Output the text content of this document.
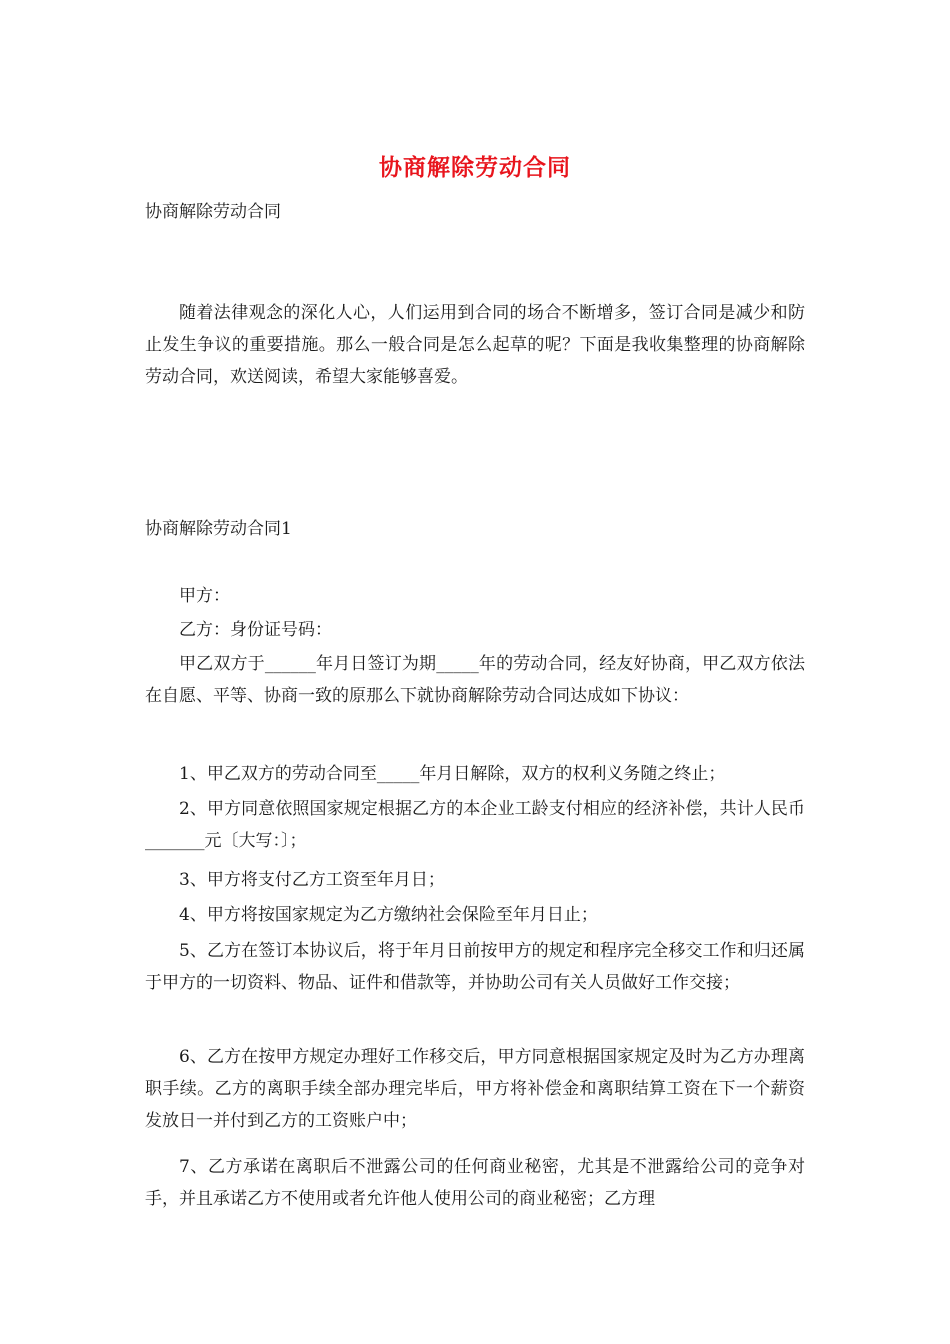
协商解除劳动合同
协商解除劳动合同

随着法律观念的深化人心，人们运用到合同的场合不断增多，签订合同是减少和防止发生争议的重要措施。那么一般合同是怎么起草的呢？下面是我收集整理的协商解除劳动合同，欢送阅读，希望大家能够喜爱。

协商解除劳动合同1
甲方：
乙方：身份证号码：

甲乙双方于______年月日签订为期_____年的劳动合同，经友好协商，甲乙双方依法在自愿、平等、协商一致的原那么下就协商解除劳动合同达成如下协议：

1、甲乙双方的劳动合同至_____年月日解除，双方的权利义务随之终止；

2、甲方同意依照国家规定根据乙方的本企业工龄支付相应的经济补偿，共计人民币_______元〔大写：〕；

3、甲方将支付乙方工资至年月日；

4、甲方将按国家规定为乙方缴纳社会保险至年月日止；

5、乙方在签订本协议后，将于年月日前按甲方的规定和程序完全移交工作和归还属于甲方的一切资料、物品、证件和借款等，并协助公司有关人员做好工作交接；

6、乙方在按甲方规定办理好工作移交后，甲方同意根据国家规定及时为乙方办理离职手续。乙方的离职手续全部办理完毕后，甲方将补偿金和离职结算工资在下一个薪资发放日一并付到乙方的工资账户中；

7、乙方承诺在离职后不泄露公司的任何商业秘密，尤其是不泄露给公司的竞争对手，并且承诺乙方不使用或者允许他人使用公司的商业秘密；乙方理
